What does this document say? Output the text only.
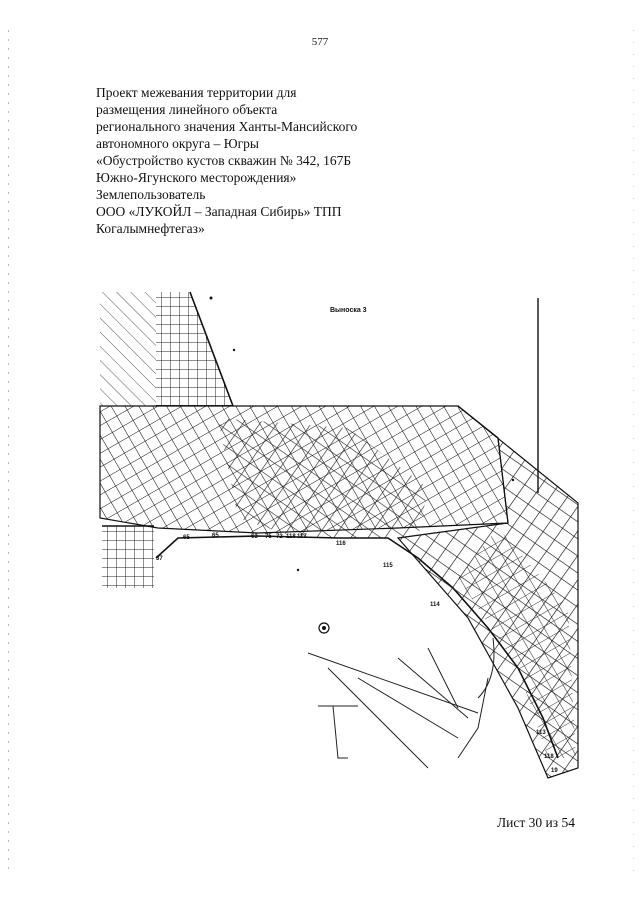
577
Проект межевания территории для
размещения линейного объекта
регионального значения Ханты-Мансийского
автономного округа – Югры
«Обустройство кустов скважин № 342, 167Б
Южно-Ягунского месторождения»
Землепользователь
ООО «ЛУКОЙЛ – Западная Сибирь» ТПП
Когалымнефтегаз»
37
65	65	63 75 72 118 117
116
115
114
113
118
19
Выноска 3
Лист 30 из 54
